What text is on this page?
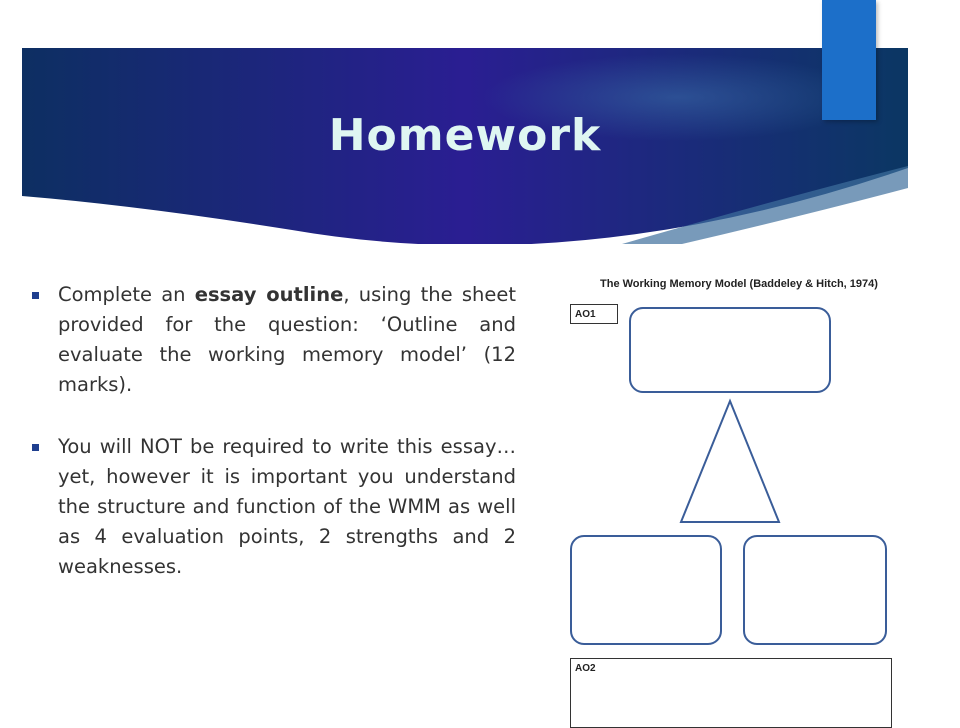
Homework
Complete an essay outline, using the sheet provided for the question: ‘Outline and evaluate the working memory model’ (12 marks).
You will NOT be required to write this essay…yet, however it is important you understand the structure and function of the WMM as well as 4 evaluation points, 2 strengths and 2 weaknesses.
The Working Memory Model (Baddeley & Hitch, 1974)
AO1
AO2
